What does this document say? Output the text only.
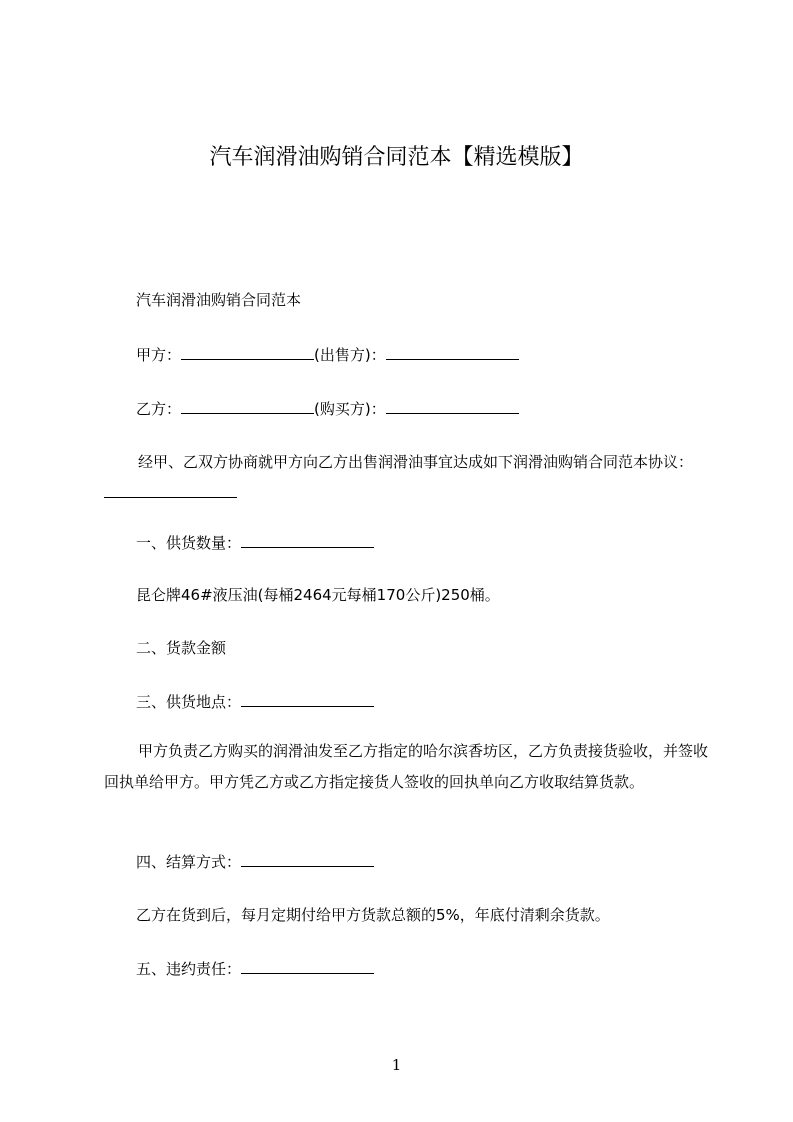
汽车润滑油购销合同范本【精选模版】
汽车润滑油购销合同范本
甲方：	(出售方)：
乙方：	(购买方)：
经甲、乙双方协商就甲方向乙方出售润滑油事宜达成如下润滑油购销合同范本协议：
一、供货数量：
昆仑牌46#液压油(每桶2464元每桶170公斤)250桶。
二、货款金额
三、供货地点：
甲方负责乙方购买的润滑油发至乙方指定的哈尔滨香坊区，乙方负责接货验收，并签收回执单给甲方。甲方凭乙方或乙方指定接货人签收的回执单向乙方收取结算货款。
四、结算方式：
乙方在货到后，每月定期付给甲方货款总额的5%，年底付清剩余货款。
五、违约责任：
1
